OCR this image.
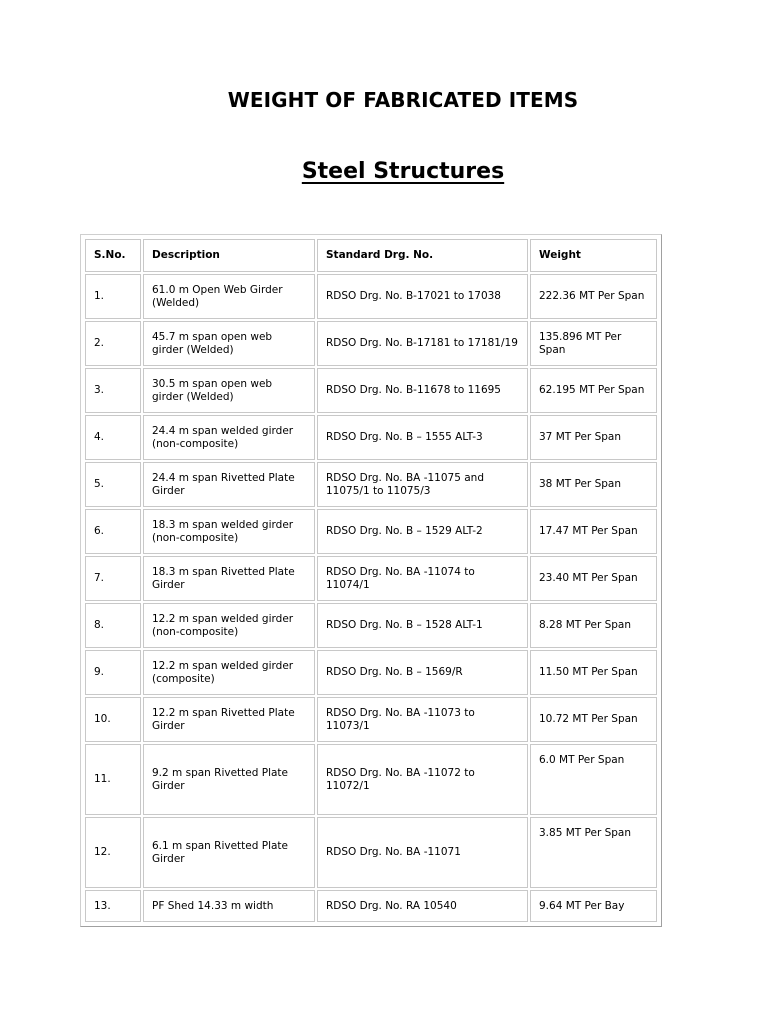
WEIGHT OF FABRICATED ITEMS
Steel Structures
S.No.	Description	Standard Drg. No.	Weight
1.	61.0 m Open Web Girder (Welded)	RDSO Drg. No. B-17021 to 17038	222.36 MT Per Span
2.	45.7 m span open web girder (Welded)	RDSO Drg. No. B-17181 to 17181/19	135.896 MT Per Span
3.	30.5 m span open web girder (Welded)	RDSO Drg. No. B-11678 to 11695	62.195 MT Per Span
4.	24.4 m span welded girder (non-composite)	RDSO Drg. No. B – 1555 ALT-3	37 MT Per Span
5.	24.4 m span Rivetted Plate Girder	RDSO Drg. No. BA -11075 and 11075/1 to 11075/3	38 MT Per Span
6.	18.3 m span welded girder (non-composite)	RDSO Drg. No. B – 1529 ALT-2	17.47 MT Per Span
7.	18.3 m span Rivetted Plate Girder	RDSO Drg. No. BA -11074 to 11074/1	23.40 MT Per Span
8.	12.2 m span welded girder (non-composite)	RDSO Drg. No. B – 1528 ALT-1	8.28 MT Per Span
9.	12.2 m span welded girder (composite)	RDSO Drg. No. B – 1569/R	11.50 MT Per Span
10.	12.2 m span Rivetted Plate Girder	RDSO Drg. No. BA -11073 to 11073/1	10.72 MT Per Span
11.	9.2 m span Rivetted Plate Girder	RDSO Drg. No. BA -11072 to 11072/1	6.0 MT Per Span
12.	6.1 m span Rivetted Plate Girder	RDSO Drg. No. BA -11071	3.85 MT Per Span
13.	PF Shed 14.33 m width	RDSO Drg. No. RA 10540	9.64 MT Per Bay
